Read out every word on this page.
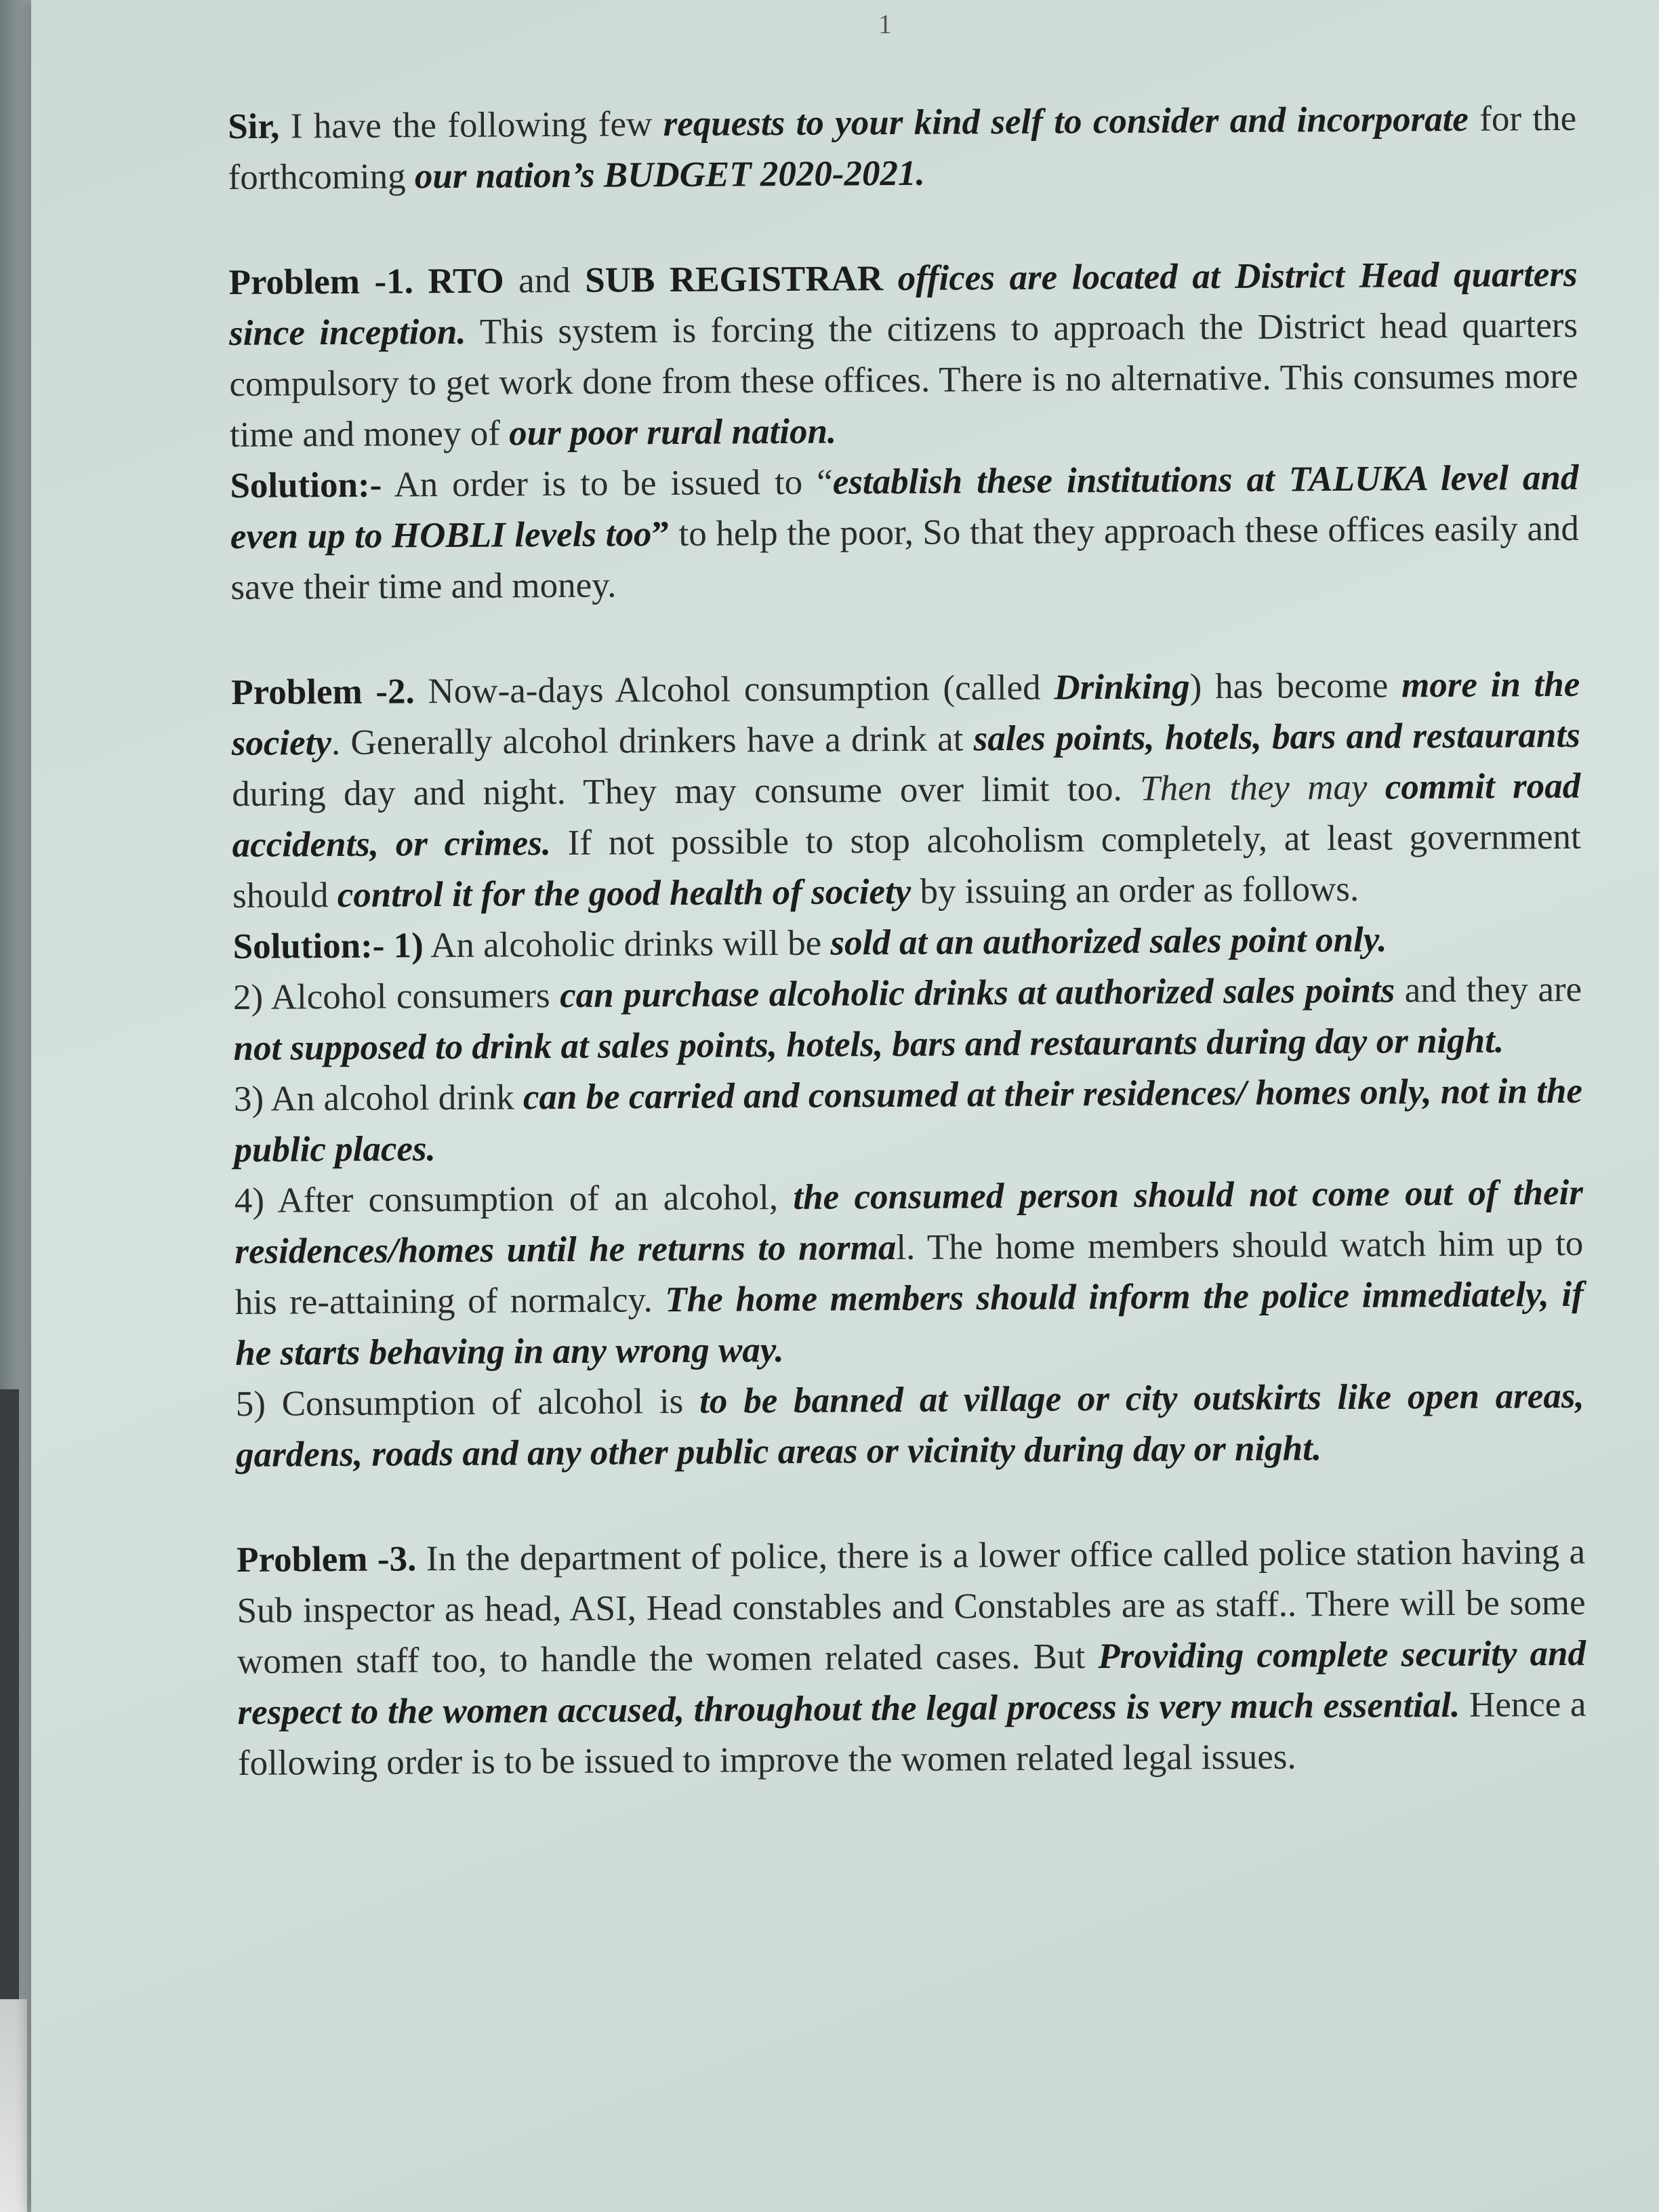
1

Sir, I have the following few requests to your kind self to consider and incorporate for the forthcoming our nation’s BUDGET 2020-2021.

Problem -1. RTO and SUB REGISTRAR offices are located at District Head quarters since inception. This system is forcing the citizens to approach the District head quarters compulsory to get work done from these offices. There is no alternative. This consumes more time and money of our poor rural nation.
Solution:- An order is to be issued to “establish these institutions at TALUKA level and even up to HOBLI levels too” to help the poor, So that they approach these offices easily and save their time and money.

Problem -2. Now-a-days Alcohol consumption (called Drinking) has become more in the society. Generally alcohol drinkers have a drink at sales points, hotels, bars and restaurants during day and night. They may consume over limit too. Then they may commit road accidents, or crimes. If not possible to stop alcoholism completely, at least government should control it for the good health of society by issuing an order as follows.
Solution:- 1) An alcoholic drinks will be sold at an authorized sales point only.
2) Alcohol consumers can purchase alcoholic drinks at authorized sales points and they are not supposed to drink at sales points, hotels, bars and restaurants during day or night.
3) An alcohol drink can be carried and consumed at their residences/ homes only, not in the public places.
4) After consumption of an alcohol, the consumed person should not come out of their residences/homes until he returns to normal. The home members should watch him up to his re-attaining of normalcy. The home members should inform the police immediately, if he starts behaving in any wrong way.
5) Consumption of alcohol is to be banned at village or city outskirts like open areas, gardens, roads and any other public areas or vicinity during day or night.

Problem -3. In the department of police, there is a lower office called police station having a Sub inspector as head, ASI, Head constables and Constables are as staff.. There will be some women staff too, to handle the women related cases. But Providing complete security and respect to the women accused, throughout the legal process is very much essential. Hence a following order is to be issued to improve the women related legal issues.
